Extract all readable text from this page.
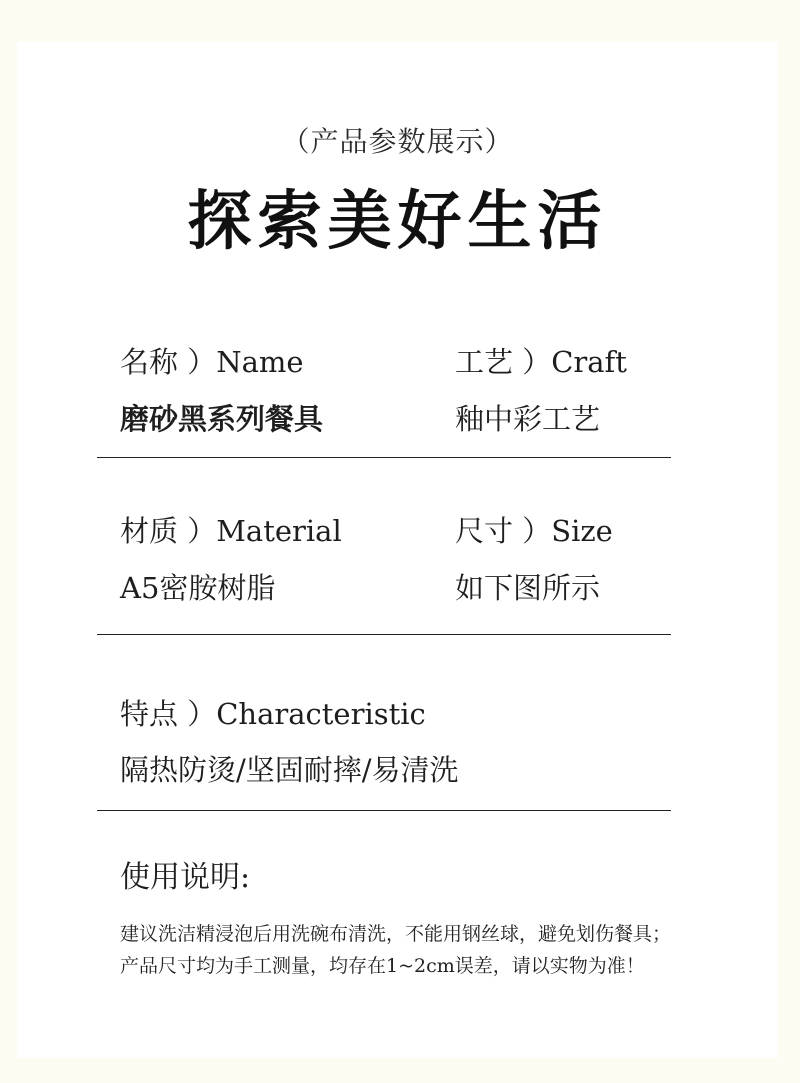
（产品参数展示）
探索美好生活
名称 ）Name
磨砂黑系列餐具
工艺 ）Craft
釉中彩工艺
材质 ）Material
A5密胺树脂
尺寸 ）Size
如下图所示
特点 ）Characteristic
隔热防烫/坚固耐摔/易清洗
使用说明:
建议洗洁精浸泡后用洗碗布清洗，不能用钢丝球，避免划伤餐具；
产品尺寸均为手工测量，均存在1~2cm误差，请以实物为准！
